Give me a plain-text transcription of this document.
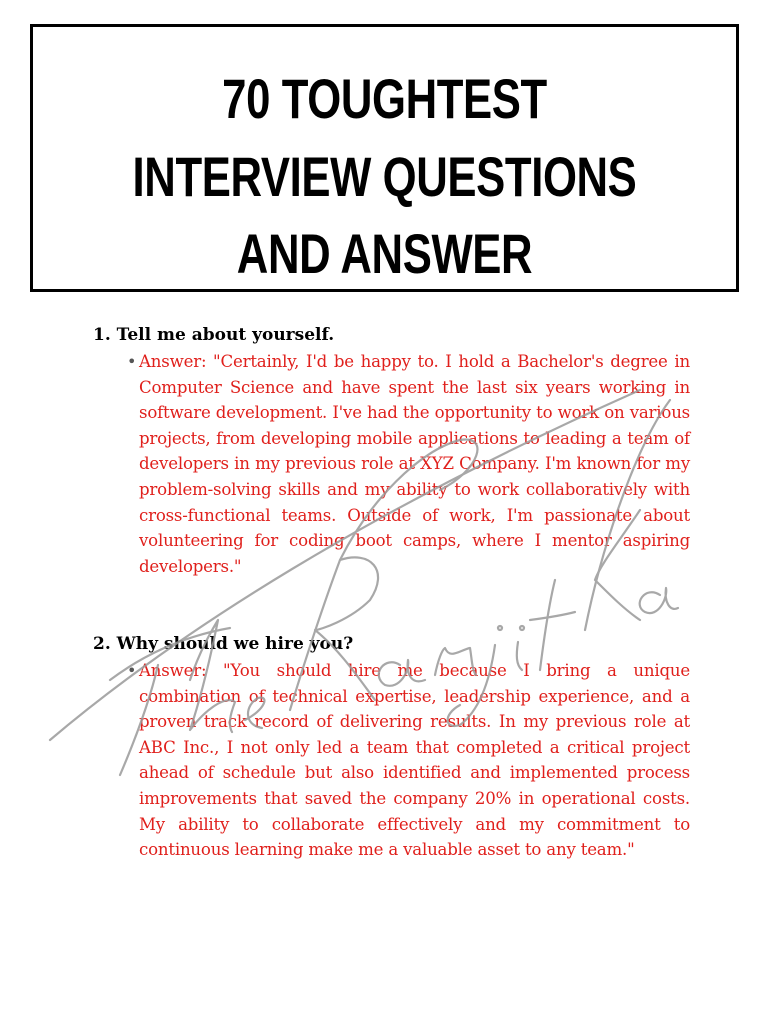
70 TOUGHTEST
INTERVIEW QUESTIONS
AND ANSWER
1. Tell me about yourself.
• Answer: "Certainly, I'd be happy to. I hold a Bachelor's degree in Computer Science and have spent the last six years working in software development. I've had the opportunity to work on various projects, from developing mobile applications to leading a team of developers in my previous role at XYZ Company. I'm known for my problem-solving skills and my ability to work collaboratively with cross-functional teams. Outside of work, I'm passionate about volunteering for coding boot camps, where I mentor aspiring developers."

2. Why should we hire you?
• Answer: "You should hire me because I bring a unique combination of technical expertise, leadership experience, and a proven track record of delivering results. In my previous role at ABC Inc., I not only led a team that completed a critical project ahead of schedule but also identified and implemented process improvements that saved the company 20% in operational costs. My ability to collaborate effectively and my commitment to continuous learning make me a valuable asset to any team."
